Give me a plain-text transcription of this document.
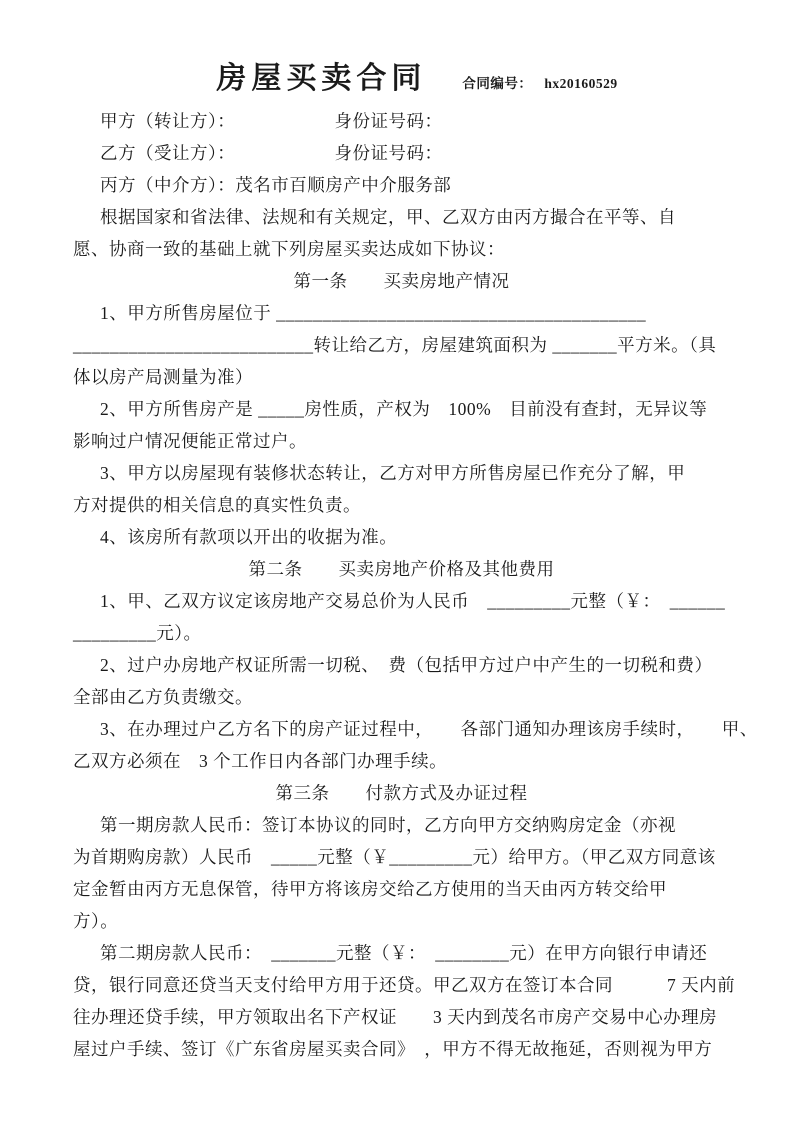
房屋买卖合同	合同编号： hx20160529
甲方（转让方）：　　　　　　身份证号码：
乙方（受让方）：　　　　　　身份证号码：
丙方（中介方）：茂名市百顺房产中介服务部
根据国家和省法律、法规和有关规定，甲、乙双方由丙方撮合在平等、自
愿、协商一致的基础上就下列房屋买卖达成如下协议：
第一条　　买卖房地产情况
1、甲方所售房屋位于 ________________________________________
__________________________转让给乙方，房屋建筑面积为 _______平方米。（具
体以房产局测量为准）
2、甲方所售房产是 _____房性质，产权为　100%　目前没有查封，无异议等
影响过户情况便能正常过户。
3、甲方以房屋现有装修状态转让，乙方对甲方所售房屋已作充分了解，甲
方对提供的相关信息的真实性负责。
4、该房所有款项以开出的收据为准。
第二条　　买卖房地产价格及其他费用
1、甲、乙双方议定该房地产交易总价为人民币　_________元整（￥：　______
_________元）。
2、过户办房地产权证所需一切税、　费（包括甲方过户中产生的一切税和费）
全部由乙方负责缴交。
3、在办理过户乙方名下的房产证过程中，　　各部门通知办理该房手续时，　　甲、
乙双方必须在　3 个工作日内各部门办理手续。
第三条　　付款方式及办证过程
第一期房款人民币：签订本协议的同时，乙方向甲方交纳购房定金（亦视
为首期购房款）人民币　_____元整（￥_________元）给甲方。（甲乙双方同意该
定金暂由丙方无息保管，待甲方将该房交给乙方使用的当天由丙方转交给甲
方）。
第二期房款人民币：　_______元整（￥：　________元）在甲方向银行申请还
贷，银行同意还贷当天支付给甲方用于还贷。甲乙双方在签订本合同　　　7 天内前
往办理还贷手续，甲方领取出名下产权证　　3 天内到茂名市房产交易中心办理房
屋过户手续、签订《广东省房屋买卖合同》　，甲方不得无故拖延，否则视为甲方
